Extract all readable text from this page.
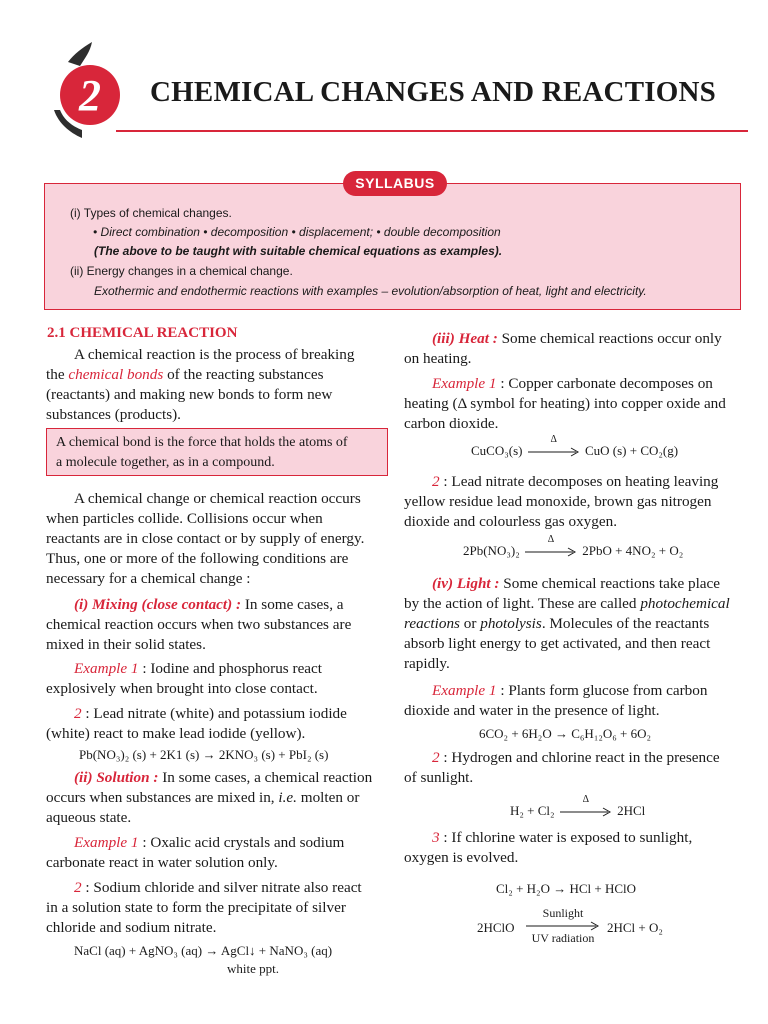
2 CHEMICAL CHANGES AND REACTIONS
SYLLABUS
(i) Types of chemical changes.
• Direct combination • decomposition • displacement; • double decomposition
(The above to be taught with suitable chemical equations as examples).
(ii) Energy changes in a chemical change.
Exothermic and endothermic reactions with examples – evolution/absorption of heat, light and electricity.
2.1 CHEMICAL REACTION
A chemical reaction is the process of breaking
the chemical bonds of the reacting substances
(reactants) and making new bonds to form new
substances (products).
A chemical bond is the force that holds the atoms of
a molecule together, as in a compound.
A chemical change or chemical reaction occurs
when particles collide. Collisions occur when
reactants are in close contact or by supply of energy.
Thus, one or more of the following conditions are
necessary for a chemical change :
(i) Mixing (close contact) : In some cases, a
chemical reaction occurs when two substances are
mixed in their solid states.
Example 1 : Iodine and phosphorus react
explosively when brought into close contact.
2 : Lead nitrate (white) and potassium iodide
(white) react to make lead iodide (yellow).
Pb(NO₃)₂ (s) + 2K1 (s) → 2KNO₃ (s) + PbI₂ (s)
(ii) Solution : In some cases, a chemical reaction
occurs when substances are mixed in, i.e. molten or
aqueous state.
Example 1 : Oxalic acid crystals and sodium
carbonate react in water solution only.
2 : Sodium chloride and silver nitrate also react
in a solution state to form the precipitate of silver
chloride and sodium nitrate.
NaCl (aq) + AgNO₃ (aq) → AgCl↓ + NaNO₃ (aq)
white ppt.
(iii) Heat : Some chemical reactions occur only
on heating.
Example 1 : Copper carbonate decomposes on
heating (Δ symbol for heating) into copper oxide and
carbon dioxide.
CuCO₃(s)
Δ
CuO (s) + CO₂(g)
2 : Lead nitrate decomposes on heating leaving
yellow residue lead monoxide, brown gas nitrogen
dioxide and colourless gas oxygen.
2Pb(NO₃)₂
Δ
2PbO + 4NO₂ + O₂
(iv) Light : Some chemical reactions take place
by the action of light. These are called photochemical
reactions or photolysis. Molecules of the reactants
absorb light energy to get activated, and then react
rapidly.
Example 1 : Plants form glucose from carbon
dioxide and water in the presence of light.
6CO₂ + 6H₂O → C₆H₁₂O₆ + 6O₂
2 : Hydrogen and chlorine react in the presence
of sunlight.
H₂ + Cl₂
Δ
2HCl
3 : If chlorine water is exposed to sunlight,
oxygen is evolved.
Cl₂ + H₂O → HCl + HClO
2HClO
Sunlight
UV radiation
2HCl + O₂
